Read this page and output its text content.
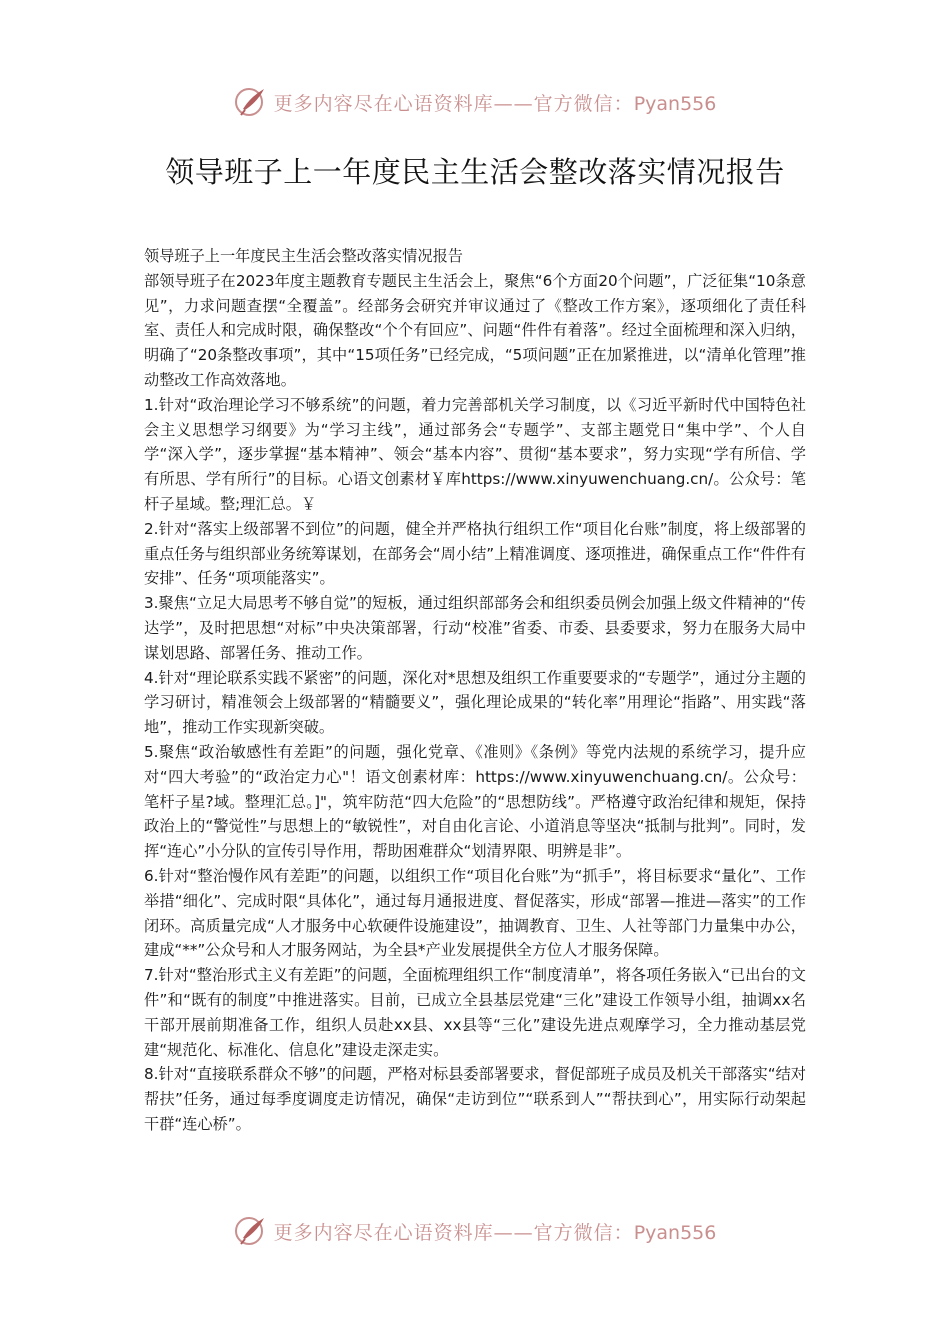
更多内容尽在心语资料库——官方微信：Pyan556
领导班子上一年度民主生活会整改落实情况报告

领导班子上一年度民主生活会整改落实情况报告

部领导班子在2023年度主题教育专题民主生活会上，聚焦“6个方面20个问题”，广泛征集“10条意见”，力求问题查摆“全覆盖”。经部务会研究并审议通过了《整改工作方案》，逐项细化了责任科室、责任人和完成时限，确保整改“个个有回应”、问题“件件有着落”。经过全面梳理和深入归纳，明确了“20条整改事项”，其中“15项任务”已经完成，“5项问题”正在加紧推进，以“清单化管理”推动整改工作高效落地。

1.针对“政治理论学习不够系统”的问题，着力完善部机关学习制度，以《习近平新时代中国特色社会主义思想学习纲要》为“学习主线”，通过部务会“专题学”、支部主题党日“集中学”、个人自学“深入学”，逐步掌握“基本精神”、领会“基本内容”、贯彻“基本要求”，努力实现“学有所信、学有所思、学有所行”的目标。心语文创素材￥库https://www.xinyuwenchuang.cn/。公众号：笔杆子星域。整;理汇总。￥

2.针对“落实上级部署不到位”的问题，健全并严格执行组织工作“项目化台账”制度，将上级部署的重点任务与组织部业务统筹谋划，在部务会“周小结”上精准调度、逐项推进，确保重点工作“件件有安排”、任务“项项能落实”。

3.聚焦“立足大局思考不够自觉”的短板，通过组织部部务会和组织委员例会加强上级文件精神的“传达学”，及时把思想“对标”中央决策部署，行动“校准”省委、市委、县委要求，努力在服务大局中谋划思路、部署任务、推动工作。

4.针对“理论联系实践不紧密”的问题，深化对*思想及组织工作重要要求的“专题学”，通过分主题的学习研讨，精准领会上级部署的“精髓要义”，强化理论成果的“转化率”用理论“指路”、用实践“落地”，推动工作实现新突破。

5.聚焦“政治敏感性有差距”的问题，强化党章、《准则》《条例》等党内法规的系统学习，提升应对“四大考验”的“政治定力心"！语文创素材库：https://www.xinyuwenchuang.cn/。公众号：笔杆子星?域。整理汇总。]"，筑牢防范“四大危险”的“思想防线”。严格遵守政治纪律和规矩，保持政治上的“警觉性”与思想上的“敏锐性”，对自由化言论、小道消息等坚决“抵制与批判”。同时，发挥“连心”小分队的宣传引导作用，帮助困难群众“划清界限、明辨是非”。

6.针对“整治慢作风有差距”的问题，以组织工作“项目化台账”为“抓手”，将目标要求“量化”、工作举措“细化”、完成时限“具体化”，通过每月通报进度、督促落实，形成“部署—推进—落实”的工作闭环。高质量完成“人才服务中心软硬件设施建设”，抽调教育、卫生、人社等部门力量集中办公，建成“**”公众号和人才服务网站，为全县*产业发展提供全方位人才服务保障。

7.针对“整治形式主义有差距”的问题，全面梳理组织工作“制度清单”，将各项任务嵌入“已出台的文件”和“既有的制度”中推进落实。目前，已成立全县基层党建“三化”建设工作领导小组，抽调xx名干部开展前期准备工作，组织人员赴xx县、xx县等“三化”建设先进点观摩学习，全力推动基层党建“规范化、标准化、信息化”建设走深走实。

8.针对“直接联系群众不够”的问题，严格对标县委部署要求，督促部班子成员及机关干部落实“结对帮扶”任务，通过每季度调度走访情况，确保“走访到位”“联系到人”“帮扶到心”，用实际行动架起干群“连心桥”。

更多内容尽在心语资料库——官方微信：Pyan556
